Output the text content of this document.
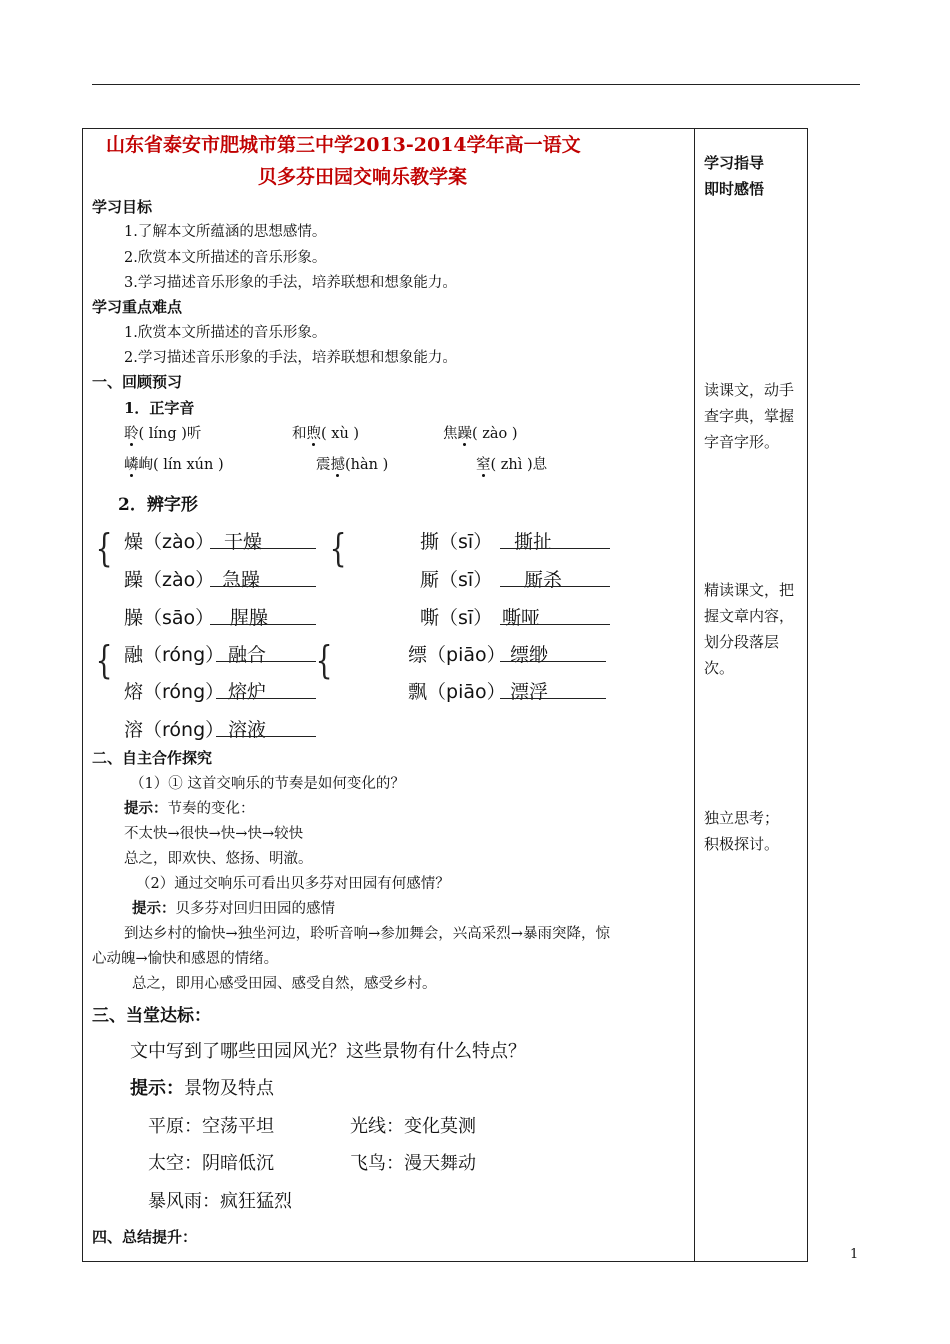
山东省泰安市肥城市第三中学2013-2014学年高一语文
贝多芬田园交响乐教学案
学习指导
即时感悟
读课文，动手
查字典，掌握
字音字形。
精读课文，把
握文章内容，
划分段落层
次。
独立思考；
积极探讨。
学习目标
1.了解本文所蕴涵的思想感情。
2.欣赏本文所描述的音乐形象。
3.学习描述音乐形象的手法，培养联想和想象能力。
学习重点难点
1.欣赏本文所描述的音乐形象。
2.学习描述音乐形象的手法，培养联想和想象能力。
一、回顾预习
1．正字音
聆( líng )听	和煦( xù )	焦躁( zào )
嶙峋( lín xún )	震撼(hàn )	窒( zhì )息
2．辨字形
{	{
{	{
燥（zào） 干燥
躁（zào） 急躁
臊（sāo） 腥臊
融（róng） 融合
熔（róng） 熔炉
溶（róng） 溶液
撕（sī） 撕扯
厮（sī） 厮杀
嘶（sī） 嘶哑
缥（piāo） 缥缈
飘（piāo） 漂浮
二、自主合作探究
（1）① 这首交响乐的节奏是如何变化的？
提示：节奏的变化：
不太快→很快→快→快→较快
总之，即欢快、悠扬、明澈。
（2）通过交响乐可看出贝多芬对田园有何感情？
提示：贝多芬对回归田园的感情
到达乡村的愉快→独坐河边，聆听音响→参加舞会，兴高采烈→暴雨突降，惊
心动魄→愉快和感恩的情绪。
总之，即用心感受田园、感受自然，感受乡村。
三、当堂达标：
文中写到了哪些田园风光？这些景物有什么特点？
提示：景物及特点
平原：空荡平坦	光线：变化莫测
太空：阴暗低沉	飞鸟：漫天舞动
暴风雨：疯狂猛烈
四、总结提升：
1
